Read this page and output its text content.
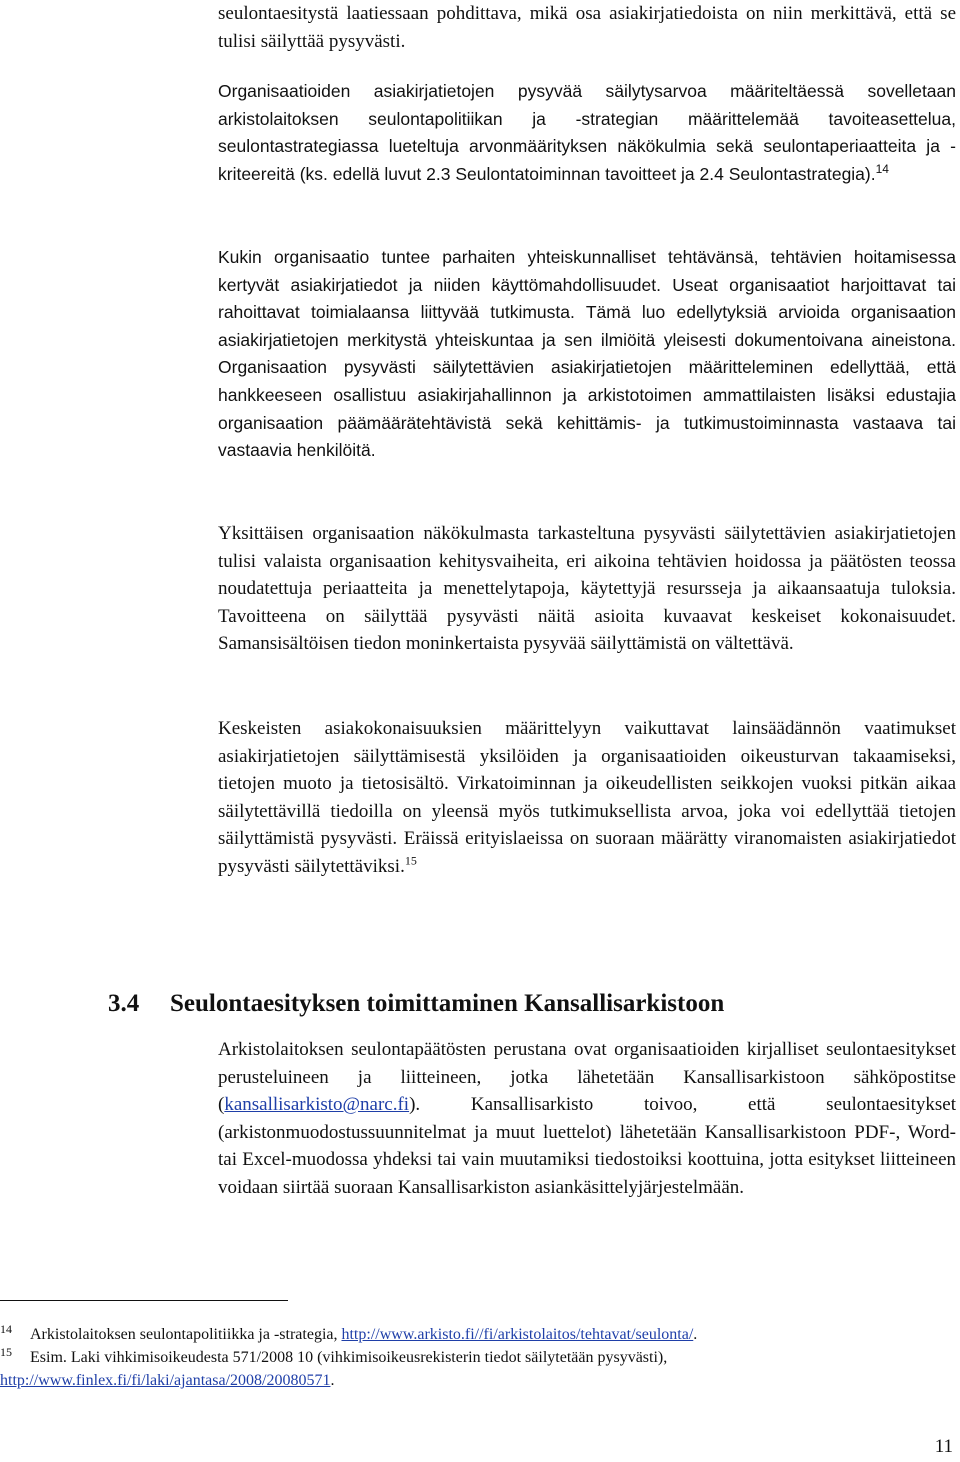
seulontaesitystä laatiessaan pohdittava, mikä osa asiakirjatiedoista on niin merkittävä, että se tulisi säilyttää pysyvästi.

Organisaatioiden asiakirjatietojen pysyvää säilytysarvoa määriteltäessä sovelletaan arkistolaitoksen seulontapolitiikan ja -strategian määrittelemää tavoiteasettelua, seulontastrategiassa lueteltuja arvonmäärityksen näkökulmia sekä seulontaperiaatteita ja -kriteereitä (ks. edellä luvut 2.3 Seulontatoiminnan tavoitteet ja 2.4 Seulontastrategia).$^{14}$

Kukin organisaatio tuntee parhaiten yhteiskunnalliset tehtävänsä, tehtävien hoitamisessa kertyvät asiakirjatiedot ja niiden käyttömahdollisuudet. Useat organisaatiot harjoittavat tai rahoittavat toimialaansa liittyvää tutkimusta. Tämä luo edellytyksiä arvioida organisaation asiakirjatietojen merkitystä yhteiskuntaa ja sen ilmiöitä yleisesti dokumentoivana aineistona. Organisaation pysyvästi säilytettävien asiakirjatietojen määritteleminen edellyttää, että hankkeeseen osallistuu asiakirjahallinnon ja arkistotoimen ammattilaisten lisäksi edustajia organisaation päämäärätehtävistä sekä kehittämis- ja tutkimustoiminnasta vastaava tai vastaavia henkilöitä.

Yksittäisen organisaation näkökulmasta tarkasteltuna pysyvästi säilytettävien asiakirjatietojen tulisi valaista organisaation kehitysvaiheita, eri aikoina tehtävien hoidossa ja päätösten teossa noudatettuja periaatteita ja menettelytapoja, käytettyjä resursseja ja aikaansaatuja tuloksia. Tavoitteena on säilyttää pysyvästi näitä asioita kuvaavat keskeiset kokonaisuudet. Samansisältöisen tiedon moninkertaista pysyvää säilyttämistä on vältettävä.

Keskeisten asiakokonaisuuksien määrittelyyn vaikuttavat lainsäädännön vaatimukset asiakirjatietojen säilyttämisestä yksilöiden ja organisaatioiden oikeusturvan takaamiseksi, tietojen muoto ja tietosisältö. Virkatoiminnan ja oikeudellisten seikkojen vuoksi pitkän aikaa säilytettävillä tiedoilla on yleensä myös tutkimuksellista arvoa, joka voi edellyttää tietojen säilyttämistä pysyvästi. Eräissä erityislaeissa on suoraan määrätty viranomaisten asiakirjatiedot pysyvästi säilytettäviksi.$^{15}$

3.4 Seulontaesityksen toimittaminen Kansallisarkistoon

Arkistolaitoksen seulontapäätösten perustana ovat organisaatioiden kirjalliset seulontaesitykset perusteluineen ja liitteineen, jotka lähetetään Kansallisarkistoon sähköpostitse (kansallisarkisto@narc.fi). Kansallisarkisto toivoo, että seulontaesitykset (arkistonmuodostussuunnitelmat ja muut luettelot) lähetetään Kansallisarkistoon PDF-, Word- tai Excel-muodossa yhdeksi tai vain muutamiksi tiedostoiksi koottuina, jotta esitykset liitteineen voidaan siirtää suoraan Kansallisarkiston asiankäsittelyjärjestelmään.

14 Arkistolaitoksen seulontapolitiikka ja -strategia, http://www.arkisto.fi//fi/arkistolaitos/tehtavat/seulonta/.

15 Esim. Laki vihkimisoikeudesta 571/2008 10 (vihkimisoikeusrekisterin tiedot säilytetään pysyvästi),

http://www.finlex.fi/fi/laki/ajantasa/2008/20080571.

11
